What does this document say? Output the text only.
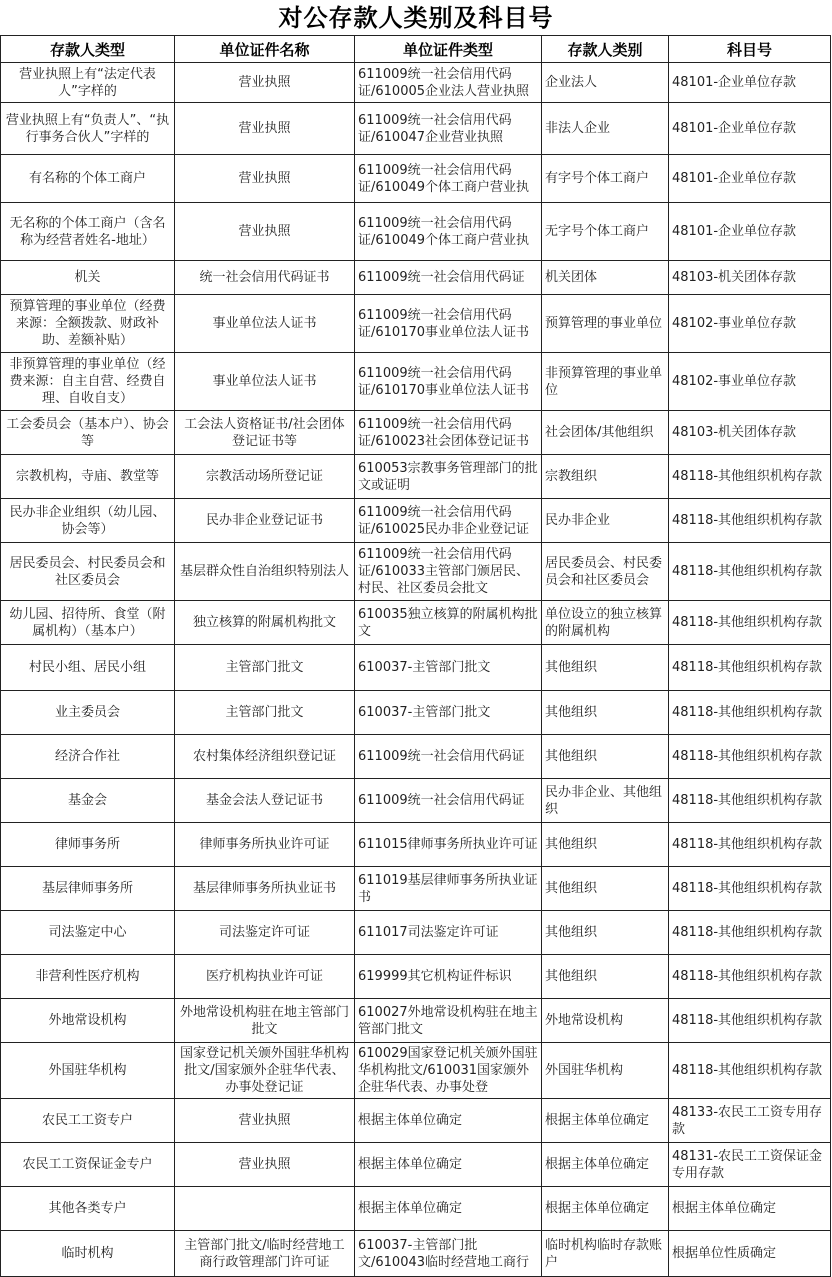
对公存款人类别及科目号
存款人类型	单位证件名称	单位证件类型	存款人类别	科目号
营业执照上有“法定代表人”字样的	营业执照	611009统一社会信用代码证/610005企业法人营业执照	企业法人	48101-企业单位存款
营业执照上有“负责人”、“执行事务合伙人”字样的	营业执照	611009统一社会信用代码证/610047企业营业执照	非法人企业	48101-企业单位存款
有名称的个体工商户	营业执照	611009统一社会信用代码证/610049个体工商户营业执	有字号个体工商户	48101-企业单位存款
无名称的个体工商户（含名称为经营者姓名-地址）	营业执照	611009统一社会信用代码证/610049个体工商户营业执	无字号个体工商户	48101-企业单位存款
机关	统一社会信用代码证书	611009统一社会信用代码证	机关团体	48103-机关团体存款
预算管理的事业单位（经费来源：全额拨款、财政补助、差额补贴）	事业单位法人证书	611009统一社会信用代码证/610170事业单位法人证书	预算管理的事业单位	48102-事业单位存款
非预算管理的事业单位（经费来源：自主自营、经费自理、自收自支）	事业单位法人证书	611009统一社会信用代码证/610170事业单位法人证书	非预算管理的事业单位	48102-事业单位存款
工会委员会（基本户）、协会等	工会法人资格证书/社会团体登记证书等	611009统一社会信用代码证/610023社会团体登记证书	社会团体/其他组织	48103-机关团体存款
宗教机构，寺庙、教堂等	宗教活动场所登记证	610053宗教事务管理部门的批文或证明	宗教组织	48118-其他组织机构存款
民办非企业组织（幼儿园、协会等）	民办非企业登记证书	611009统一社会信用代码证/610025民办非企业登记证	民办非企业	48118-其他组织机构存款
居民委员会、村民委员会和社区委员会	基层群众性自治组织特别法人	611009统一社会信用代码证/610033主管部门颁居民、村民、社区委员会批文	居民委员会、村民委员会和社区委员会	48118-其他组织机构存款
幼儿园、招待所、食堂（附属机构）（基本户）	独立核算的附属机构批文	610035独立核算的附属机构批文	单位设立的独立核算的附属机构	48118-其他组织机构存款
村民小组、居民小组	主管部门批文	610037-主管部门批文	其他组织	48118-其他组织机构存款
业主委员会	主管部门批文	610037-主管部门批文	其他组织	48118-其他组织机构存款
经济合作社	农村集体经济组织登记证	611009统一社会信用代码证	其他组织	48118-其他组织机构存款
基金会	基金会法人登记证书	611009统一社会信用代码证	民办非企业、其他组织	48118-其他组织机构存款
律师事务所	律师事务所执业许可证	611015律师事务所执业许可证	其他组织	48118-其他组织机构存款
基层律师事务所	基层律师事务所执业证书	611019基层律师事务所执业证书	其他组织	48118-其他组织机构存款
司法鉴定中心	司法鉴定许可证	611017司法鉴定许可证	其他组织	48118-其他组织机构存款
非营利性医疗机构	医疗机构执业许可证	619999其它机构证件标识	其他组织	48118-其他组织机构存款
外地常设机构	外地常设机构驻在地主管部门批文	610027外地常设机构驻在地主管部门批文	外地常设机构	48118-其他组织机构存款
外国驻华机构	国家登记机关颁外国驻华机构批文/国家颁外企驻华代表、办事处登记证	610029国家登记机关颁外国驻华机构批文/610031国家颁外企驻华代表、办事处登	外国驻华机构	48118-其他组织机构存款
农民工工资专户	营业执照	根据主体单位确定	根据主体单位确定	48133-农民工工资专用存款
农民工工资保证金专户	营业执照	根据主体单位确定	根据主体单位确定	48131-农民工工资保证金专用存款
其他各类专户		根据主体单位确定	根据主体单位确定	根据主体单位确定
临时机构	主管部门批文/临时经营地工商行政管理部门许可证	610037-主管部门批文/610043临时经营地工商行	临时机构临时存款账户	根据单位性质确定
